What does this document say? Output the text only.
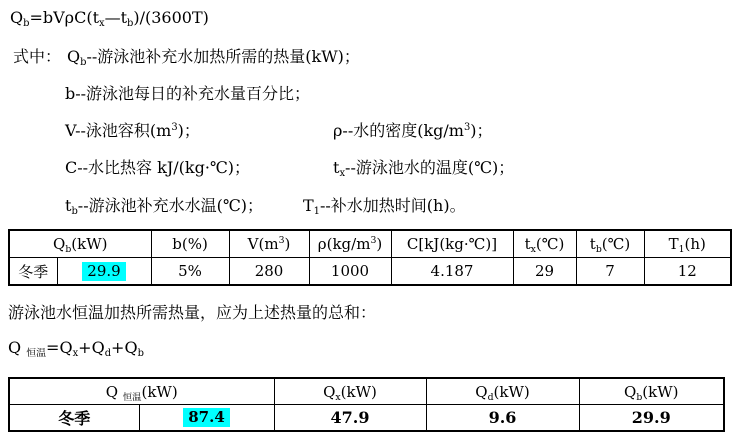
$Q_b=bV\rho C(t_x—t_b)/(3600T)$
式中： $Q_b--$游泳池补充水加热所需的热量(kW)；
b--游泳池每日的补充水量百分比；
V--泳池容积$(m^3)$；	ρ--水的密度$(kg/m^3)$；
C--水比热容 kJ/(kg·℃)；	$t_x--$游泳池水的温度(℃)；
$t_b--$游泳池补充水水温(℃)；	$T_1--$补水加热时间(h)。
$Q_b(kW)$		b(%)	$V(m^3)$	$\rho(kg/m^3)$	C[kJ(kg·℃)]	$t_x(℃)$	$t_b(℃)$	$T_1(h)$
冬季	29.9	5%	280	1000	4.187	29	7	12
游泳池水恒温加热所需热量，应为上述热量的总和：
Q $_{恒温}=Q_x+Q_d+Q_b$
Q $_{恒温}$(kW)		$Q_x(kW)$	$Q_d(kW)$	$Q_b(kW)$
冬季	87.4	47.9	9.6	29.9
